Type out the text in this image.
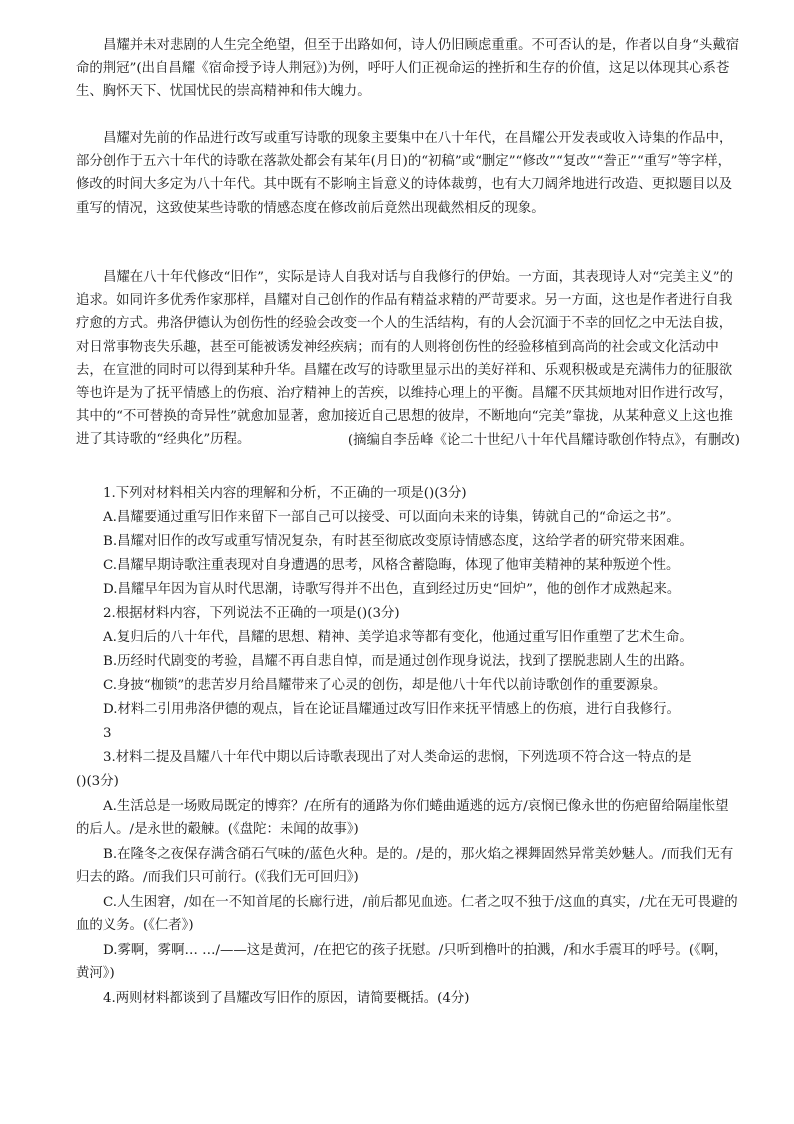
昌耀并未对悲剧的人生完全绝望，但至于出路如何，诗人仍旧顾虑重重。不可否认的是，作者以自身“头戴宿命的荆冠”(出自昌耀《宿命授予诗人荆冠》)为例，呼吁人们正视命运的挫折和生存的价值，这足以体现其心系苍生、胸怀天下、忧国忧民的崇高精神和伟大魄力。

昌耀对先前的作品进行改写或重写诗歌的现象主要集中在八十年代，在昌耀公开发表或收入诗集的作品中，部分创作于五六十年代的诗歌在落款处都会有某年(月日)的“初稿”或“删定”“修改”“复改”“誊正”“重写”等字样，修改的时间大多定为八十年代。其中既有不影响主旨意义的诗体裁剪，也有大刀阔斧地进行改造、更拟题目以及重写的情况，这致使某些诗歌的情感态度在修改前后竟然出现截然相反的现象。

昌耀在八十年代修改“旧作”，实际是诗人自我对话与自我修行的伊始。一方面，其表现诗人对“完美主义”的追求。如同许多优秀作家那样，昌耀对自己创作的作品有精益求精的严苛要求。另一方面，这也是作者进行自我疗愈的方式。弗洛伊德认为创伤性的经验会改变一个人的生活结构，有的人会沉湎于不幸的回忆之中无法自拔，对日常事物丧失乐趣，甚至可能被诱发神经疾病；而有的人则将创伤性的经验移植到高尚的社会或文化活动中去，在宣泄的同时可以得到某种升华。昌耀在改写的诗歌里显示出的美好祥和、乐观积极或是充满伟力的征服欲等也许是为了抚平情感上的伤痕、治疗精神上的苦疾，以维持心理上的平衡。昌耀不厌其烦地对旧作进行改写，其中的“不可替换的奇异性”就愈加显著，愈加接近自己思想的彼岸，不断地向“完美”靠拢，从某种意义上这也推进了其诗歌的“经典化”历程。	(摘编自李岳峰《论二十世纪八十年代昌耀诗歌创作特点》，有删改)

1.下列对材料相关内容的理解和分析，不正确的一项是()(3分)

A.昌耀要通过重写旧作来留下一部自己可以接受、可以面向未来的诗集，铸就自己的“命运之书”。

B.昌耀对旧作的改写或重写情况复杂，有时甚至彻底改变原诗情感态度，这给学者的研究带来困难。

C.昌耀早期诗歌注重表现对自身遭遇的思考，风格含蓄隐晦，体现了他审美精神的某种叛逆个性。

D.昌耀早年因为盲从时代思潮，诗歌写得并不出色，直到经过历史“回炉”，他的创作才成熟起来。

2.根据材料内容，下列说法不正确的一项是()(3分)

A.复归后的八十年代，昌耀的思想、精神、美学追求等都有变化，他通过重写旧作重塑了艺术生命。

B.历经时代剧变的考验，昌耀不再自悲自悼，而是通过创作现身说法，找到了摆脱悲剧人生的出路。

C.身披“枷锁”的悲苦岁月给昌耀带来了心灵的创伤，却是他八十年代以前诗歌创作的重要源泉。

D.材料二引用弗洛伊德的观点，旨在论证昌耀通过改写旧作来抚平情感上的伤痕，进行自我修行。

3

3.材料二提及昌耀八十年代中期以后诗歌表现出了对人类命运的悲悯，下列选项不符合这一特点的是

()(3分)

A.生活总是一场败局既定的博弈？/在所有的通路为你们蜷曲遁逃的远方/哀悯已像永世的伤疤留给隔崖怅望的后人。/是永世的觳觫。(《盘陀：未闻的故事》)

B.在隆冬之夜保存满含硝石气味的/蓝色火种。是的。/是的，那火焰之裸舞固然异常美妙魅人。/而我们无有归去的路。/而我们只可前行。(《我们无可回归》)

C.人生困窘，/如在一不知首尾的长廊行进，/前后都见血迹。仁者之叹不独于/这血的真实，/尤在无可畏避的血的义务。(《仁者》)

D.雾啊，雾啊… …/——这是黄河，/在把它的孩子抚慰。/只听到橹叶的拍溅，/和水手震耳的呼号。(《啊，黄河》)

4.两则材料都谈到了昌耀改写旧作的原因，请简要概括。(4分)
